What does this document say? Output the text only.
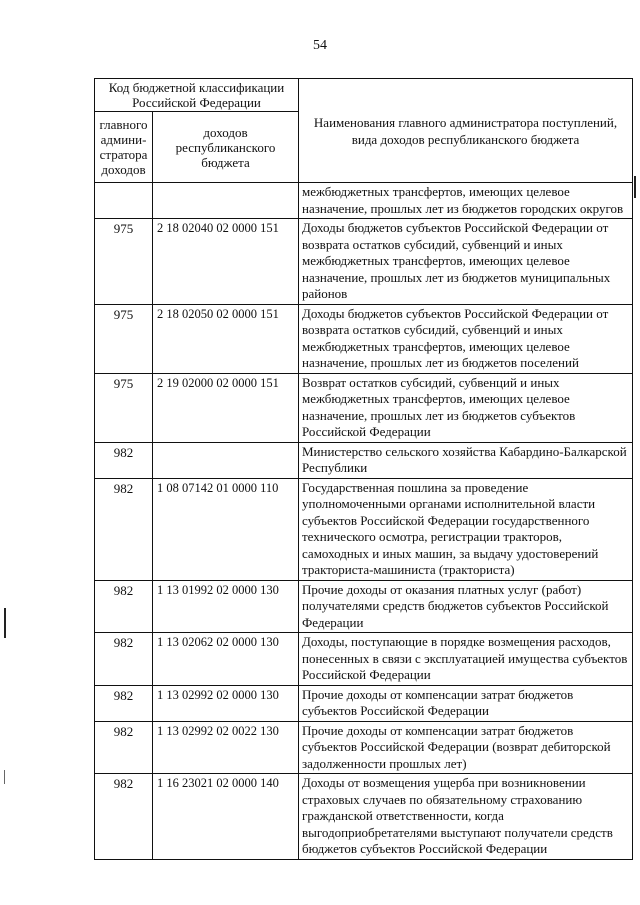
54
Код бюджетной классификации Российской Федерации		Наименования главного администратора поступлений, вида доходов республиканского бюджета
главного админи-стратора доходов	доходов республиканского бюджета	
		межбюджетных трансфертов, имеющих целевое назначение, прошлых лет из бюджетов городских округов
975	2 18 02040 02 0000 151	Доходы бюджетов субъектов Российской Федерации от возврата остатков субсидий, субвенций и иных межбюджетных трансфертов, имеющих целевое назначение, прошлых лет из бюджетов муниципальных районов
975	2 18 02050 02 0000 151	Доходы бюджетов субъектов Российской Федерации от возврата остатков субсидий, субвенций и иных межбюджетных трансфертов, имеющих целевое назначение, прошлых лет из бюджетов поселений
975	2 19 02000 02 0000 151	Возврат остатков субсидий, субвенций и иных межбюджетных трансфертов, имеющих целевое назначение, прошлых лет из бюджетов субъектов Российской Федерации
982		Министерство сельского хозяйства Кабардино-Балкарской Республики
982	1 08 07142 01 0000 110	Государственная пошлина за проведение уполномоченными органами исполнительной власти субъектов Российской Федерации государственного технического осмотра, регистрации тракторов, самоходных и иных машин, за выдачу удостоверений тракториста-машиниста (тракториста)
982	1 13 01992 02 0000 130	Прочие доходы от оказания платных услуг (работ) получателями средств бюджетов субъектов Российской Федерации
982	1 13 02062 02 0000 130	Доходы, поступающие в порядке возмещения расходов, понесенных в связи с эксплуатацией имущества субъектов Российской Федерации
982	1 13 02992 02 0000 130	Прочие доходы от компенсации затрат бюджетов субъектов Российской Федерации
982	1 13 02992 02 0022 130	Прочие доходы от компенсации затрат бюджетов субъектов Российской Федерации (возврат дебиторской задолженности прошлых лет)
982	1 16 23021 02 0000 140	Доходы от возмещения ущерба при возникновении страховых случаев по обязательному страхованию гражданской ответственности, когда выгодоприобретателями выступают получатели средств бюджетов субъектов Российской Федерации
